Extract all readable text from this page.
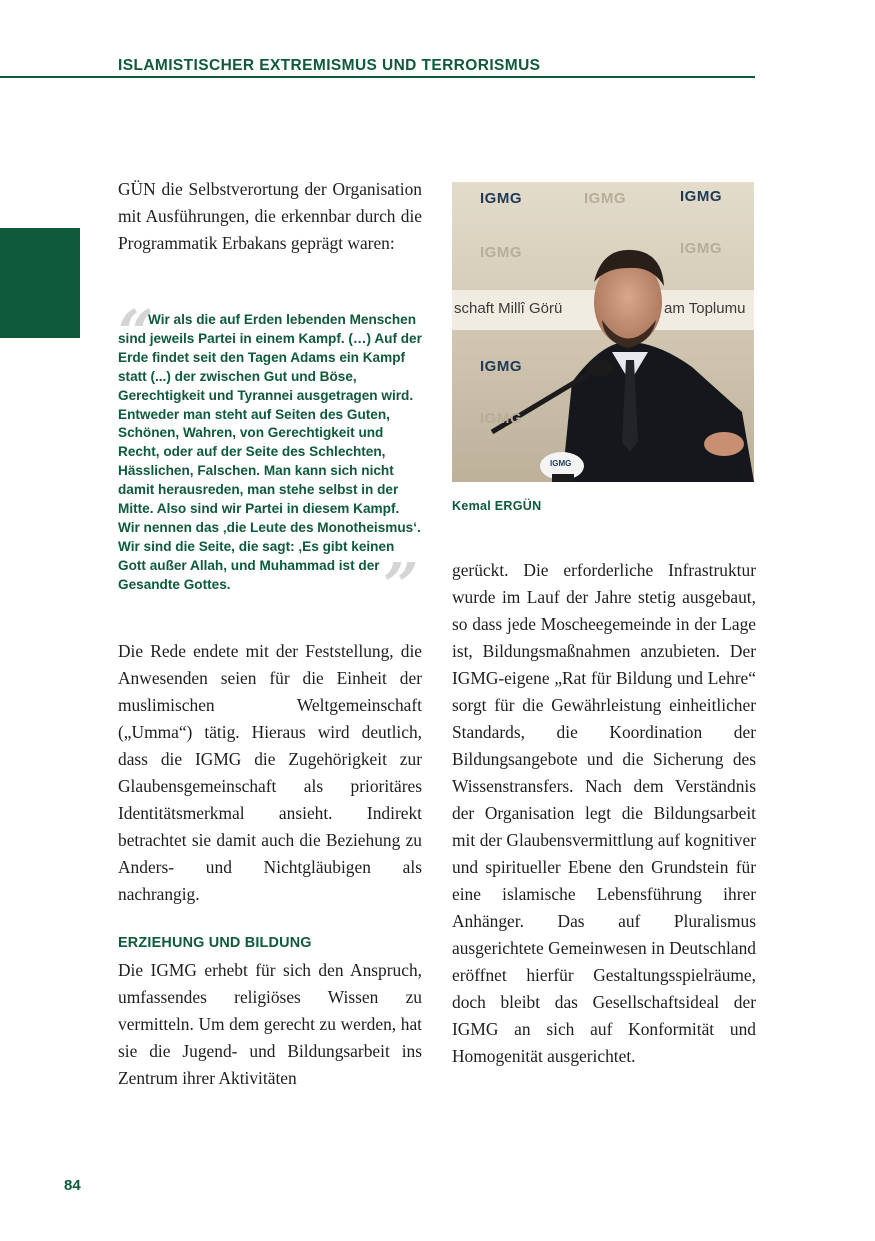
ISLAMISTISCHER EXTREMISMUS UND TERRORISMUS

GÜN die Selbstverortung der Organisation mit Ausführungen, die erkennbar durch die Programmatik Erbakans geprägt waren:

“

Wir als die auf Erden lebenden Menschen sind jeweils Partei in einem Kampf. (…) Auf der Erde findet seit den Tagen Adams ein Kampf statt (...) der zwischen Gut und Böse, Gerechtigkeit und Tyrannei ausgetragen wird. Entweder man steht auf Seiten des Guten, Schönen, Wahren, von Gerechtigkeit und Recht, oder auf der Seite des Schlechten, Hässlichen, Falschen. Man kann sich nicht damit herausreden, man stehe selbst in der Mitte. Also sind wir Partei in diesem Kampf. Wir nennen das ‚die Leute des Monotheismus‘. Wir sind die Seite, die sagt: ‚Es gibt keinen Gott außer Allah, und Muhammad ist der Gesandte Gottes.	”

Die Rede endete mit der Feststellung, die Anwesenden seien für die Einheit der muslimischen Weltgemeinschaft („Umma“) tätig. Hieraus wird deutlich, dass die IGMG die Zugehörigkeit zur Glaubensgemeinschaft als prioritäres Identitätsmerkmal ansieht. Indirekt betrachtet sie damit auch die Beziehung zu Anders- und Nichtgläubigen als nachrangig.

ERZIEHUNG UND BILDUNG

Die IGMG erhebt für sich den Anspruch, umfassendes religiöses Wissen zu vermitteln. Um dem gerecht zu werden, hat sie die Jugend- und Bildungsarbeit ins Zentrum ihrer Aktivitäten

IGMG	IGMG	IGMG
IGMG	IGMG
IGMG
IGMG
schaft Millî Görü	am Toplumu
IGMG
Kemal ERGÜN

gerückt. Die erforderliche Infrastruktur wurde im Lauf der Jahre stetig ausgebaut, so dass jede Moscheegemeinde in der Lage ist, Bildungsmaßnahmen anzubieten. Der IGMG-eigene „Rat für Bildung und Lehre“ sorgt für die Gewährleistung einheitlicher Standards, die Koordination der Bildungsangebote und die Sicherung des Wissenstransfers. Nach dem Verständnis der Organisation legt die Bildungsarbeit mit der Glaubensvermittlung auf kognitiver und spiritueller Ebene den Grundstein für eine islamische Lebensführung ihrer Anhänger. Das auf Pluralismus ausgerichtete Gemeinwesen in Deutschland eröffnet hierfür Gestaltungsspielräume, doch bleibt das Gesellschaftsideal der IGMG an sich auf Konformität und Homogenität ausgerichtet.

84
